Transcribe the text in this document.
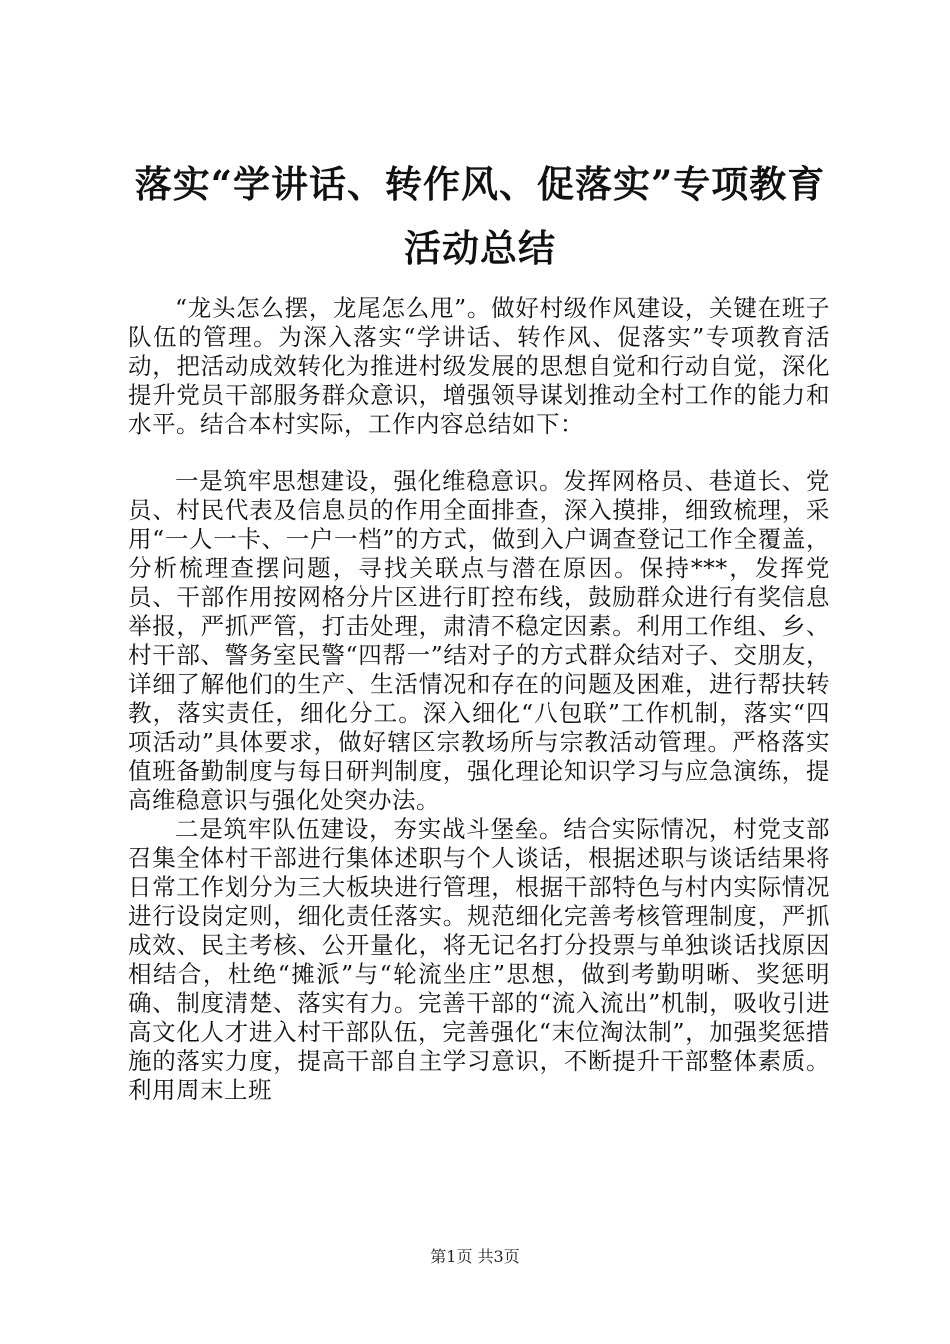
落实“学讲话、转作风、促落实”专项教育活动总结

“龙头怎么摆，龙尾怎么甩”。做好村级作风建设，关键在班子队伍的管理。为深入落实“学讲话、转作风、促落实”专项教育活动，把活动成效转化为推进村级发展的思想自觉和行动自觉，深化提升党员干部服务群众意识，增强领导谋划推动全村工作的能力和水平。结合本村实际，工作内容总结如下：

一是筑牢思想建设，强化维稳意识。发挥网格员、巷道长、党员、村民代表及信息员的作用全面排查，深入摸排，细致梳理，采用“一人一卡、一户一档”的方式，做到入户调查登记工作全覆盖，分析梳理查摆问题，寻找关联点与潜在原因。保持***，发挥党员、干部作用按网格分片区进行盯控布线，鼓励群众进行有奖信息举报，严抓严管，打击处理，肃清不稳定因素。利用工作组、乡、村干部、警务室民警“四帮一”结对子的方式群众结对子、交朋友，详细了解他们的生产、生活情况和存在的问题及困难，进行帮扶转教，落实责任，细化分工。深入细化“八包联”工作机制，落实“四项活动”具体要求，做好辖区宗教场所与宗教活动管理。严格落实值班备勤制度与每日研判制度，强化理论知识学习与应急演练，提高维稳意识与强化处突办法。

二是筑牢队伍建设，夯实战斗堡垒。结合实际情况，村党支部召集全体村干部进行集体述职与个人谈话，根据述职与谈话结果将日常工作划分为三大板块进行管理，根据干部特色与村内实际情况进行设岗定则，细化责任落实。规范细化完善考核管理制度，严抓成效、民主考核、公开量化，将无记名打分投票与单独谈话找原因相结合，杜绝“摊派”与“轮流坐庄”思想，做到考勤明晰、奖惩明确、制度清楚、落实有力。完善干部的“流入流出”机制，吸收引进高文化人才进入村干部队伍，完善强化“末位淘汰制”，加强奖惩措施的落实力度，提高干部自主学习意识，不断提升干部整体素质。利用周末上班

第1页 共3页
